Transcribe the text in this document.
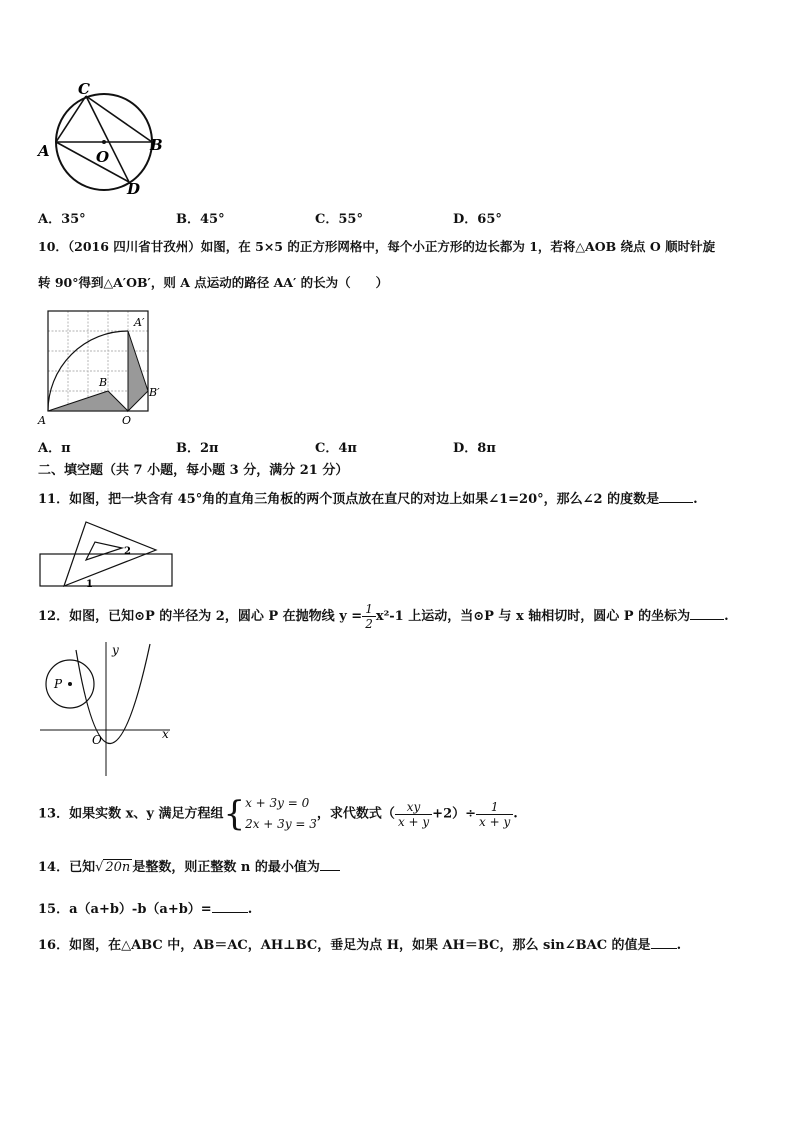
C
A	O
B
D
A．35°	B．45°	C．55°	D．65°
10．（2016 四川省甘孜州）如图，在 5×5 的正方形网格中，每个小正方形的边长都为 1，若将△AOB 绕点 O 顺时针旋
转 90°得到△A′OB′，则 A 点运动的路径 AA′ 的长为（　　）
A′
B
B′
A	O
A．π	B．2π	C．4π	D．8π
二、填空题（共 7 小题，每小题 3 分，满分 21 分）
11．如图，把一块含有 45°角的直角三角板的两个顶点放在直尺的对边上如果∠1=20°，那么∠2 的度数是	.
2
1
12．如图，已知⊙P 的半径为 2，圆心 P 在抛物线 $y = \frac{1}{2} x^2-1$ 上运动，当⊙P 与 x 轴相切时，圆心 P 的坐标为	.
y
P
O	x
13．如果实数 x、y 满足方程组{ x + 3y = 0
2x + 3y = 3
，求代数式（ $\frac{xy}{x + y} +2)\div \frac{1}{x + y}$ .
14．已知√ 20n 是整数，则正整数 n 的最小值为
15．a（a+b）-b（a+b）=	.
16．如图，在△ABC 中，AB＝AC，AH⊥BC，垂足为点 H，如果 AH＝BC，那么 sin∠BAC 的值是 .
